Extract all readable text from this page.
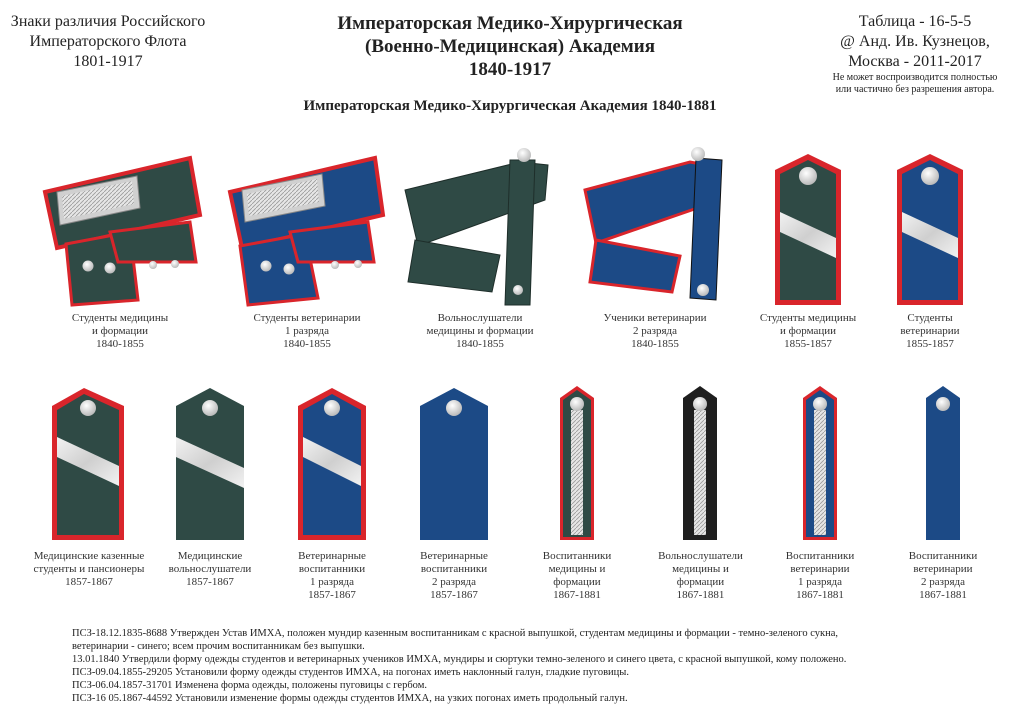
Знаки различия Российского
Императорского Флота
1801-1917
Императорская Медико-Хирургическая
(Военно-Медицинская) Академия
1840-1917
Таблица - 16-5-5
@ Анд. Ив. Кузнецов,
Москва - 2011-2017
Не может воспроизводится полностью
или частично без разрешения автора.
Императорская Медико-Хирургическая Академия 1840-1881
Студенты медицины
и формации
1840-1855
Студенты ветеринарии
1 разряда
1840-1855
Вольнослушатели
медицины и формации
1840-1855
Ученики ветеринарии
2 разряда
1840-1855
Студенты медицины
и формации
1855-1857
Студенты
ветеринарии
1855-1857
Медицинские казенные
студенты и пансионеры
1857-1867
Медицинские
вольнослушатели
1857-1867
Ветеринарные
воспитанники
1 разряда
1857-1867
Ветеринарные
воспитанники
2 разряда
1857-1867
Воспитанники
медицины и
формации
1867-1881
Вольнослушатели
медицины и
формации
1867-1881
Воспитанники
ветеринарии
1 разряда
1867-1881
Воспитанники
ветеринарии
2 разряда
1867-1881
ПСЗ-18.12.1835-8688 Утвержден Устав ИМХА, положен мундир казенным воспитанникам с красной выпушкой, студентам медицины и формации - темно-зеленого сукна,
ветеринарии - синего; всем прочим воспитанникам без выпушки.
13.01.1840 Утвердили форму одежды студентов и ветеринарных учеников ИМХА, мундиры и сюртуки темно-зеленого и синего цвета, с красной выпушкой, кому положено.
ПСЗ-09.04.1855-29205 Установили форму одежды студентов ИМХА, на погонах иметь наклонный галун, гладкие пуговицы.
ПСЗ-06.04.1857-31701 Изменена форма одежды, положены пуговицы с гербом.
ПСЗ-16 05.1867-44592 Установили изменение формы одежды студентов ИМХА, на узких погонах иметь продольный галун.
